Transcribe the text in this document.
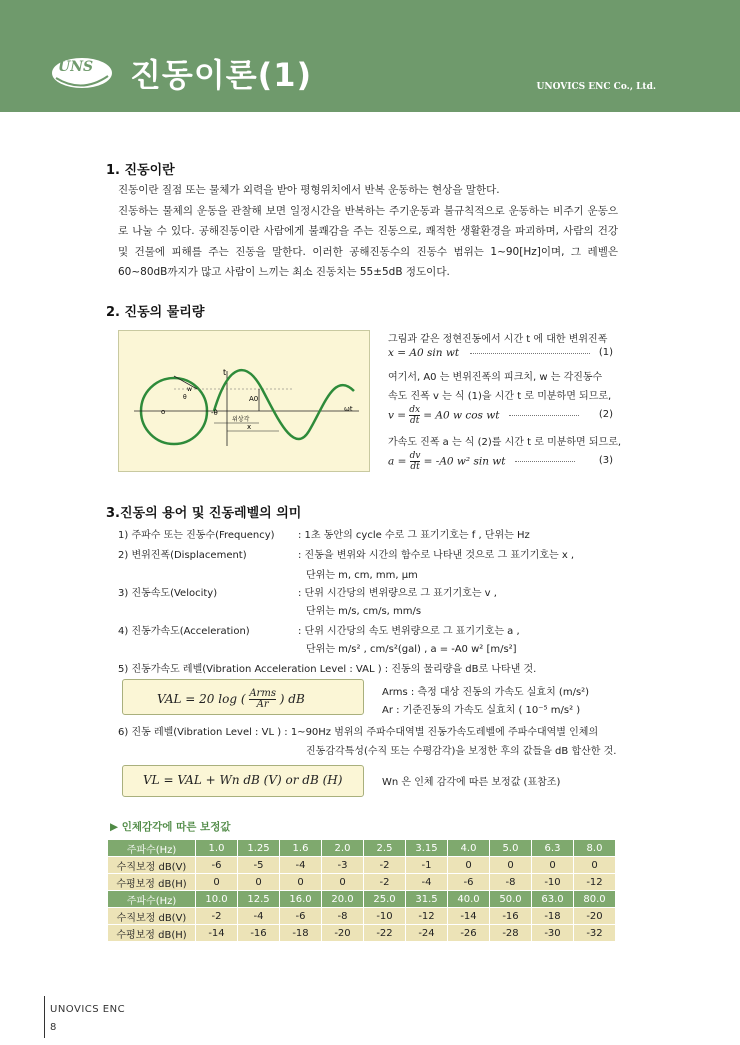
UNS 진동이론(1)	UNOVICS ENC Co., Ltd.
1. 진동이란

진동이란 질점 또는 물체가 외력을 받아 평형위치에서 반복 운동하는 현상을 말한다.

진동하는 물체의 운동을 관찰해 보면 일정시간을 반복하는 주기운동과 불규칙적으로 운동하는 비주기 운동으로 나눌 수 있다. 공해진동이란 사람에게 불쾌감을 주는 진동으로, 쾌적한 생활환경을 파괴하며, 사람의 건강 및 건물에 피해를 주는 진동을 말한다. 이러한 공해진동수의 진동수 범위는 1~90[Hz]이며, 그 레벨은 60~80dB까지가 많고 사람이 느끼는 최소 진동치는 55±5dB 정도이다.

2. 진동의 물리량
t
A0
위상각
x
ωt
o	-θ
θ
w
그림과 같은 정현진동에서 시간 t 에 대한 변위진폭
x = A0 sin wt	(1)
여기서, A0 는 변위진폭의 피크치, w 는 각진동수
속도 진폭 v 는 식 (1)을 시간 t 로 미분하면 되므로,
$v = \frac{dx}{dt} = A0$ w cos wt	(2)
가속도 진폭 a 는 식 (2)를 시간 t 로 미분하면 되므로,
$a = \frac{dv}{dt} = -A0$ w² sin wt	(3)
3.진동의 용어 및 진동레벨의 의미
1) 주파수 또는 진동수(Frequency) : 1초 동안의 cycle 수로 그 표기기호는 f , 단위는 Hz
2) 변위진폭(Displacement)	: 진동을 변위와 시간의 함수로 나타낸 것으로 그 표기기호는 x ,
단위는 m, cm, mm, μm
3) 진동속도(Velocity)	: 단위 시간당의 변위량으로 그 표기기호는 v ,
단위는 m/s, cm/s, mm/s
4) 진동가속도(Acceleration)	: 단위 시간당의 속도 변위량으로 그 표기기호는 a ,
단위는 m/s² , cm/s²(gal) , a = -A0 w² [m/s²]
5) 진동가속도 레벨(Vibration Acceleration Level : VAL ) : 진동의 물리량을 dB로 나타낸 것.
VAL = 20 log ( $\frac{\text{Arms}}{Ar}$ ) dB	Arms : 측정 대상 진동의 가속도 실효치 (m/s²)
Ar : 기준진동의 가속도 실효치 ( 10⁻⁵ m/s² )
6) 진동 레벨(Vibration Level : VL ) : 1~90Hz 범위의 주파수대역별 진동가속도레벨에 주파수대역별 인체의
진동감각특성(수직 또는 수평감각)을 보정한 후의 값들을 dB 합산한 것.
VL = VAL + Wn dB (V) or dB (H)	Wn 은 인체 감각에 따른 보정값 (표참조)
▶ 인체감각에 따른 보정값
주파수(Hz)	1.0	1.25	1.6	2.0	2.5	3.15	4.0	5.0	6.3	8.0
수직보정 dB(V)	-6	-5	-4	-3	-2	-1	0	0	0	0
수평보정 dB(H)	0	0	0	0	-2	-4	-6	-8	-10	-12
주파수(Hz)	10.0	12.5	16.0	20.0	25.0	31.5	40.0	50.0	63.0	80.0
수직보정 dB(V)	-2	-4	-6	-8	-10	-12	-14	-16	-18	-20
수평보정 dB(H)	-14	-16	-18	-20	-22	-24	-26	-28	-30	-32
UNOVICS ENC
8
